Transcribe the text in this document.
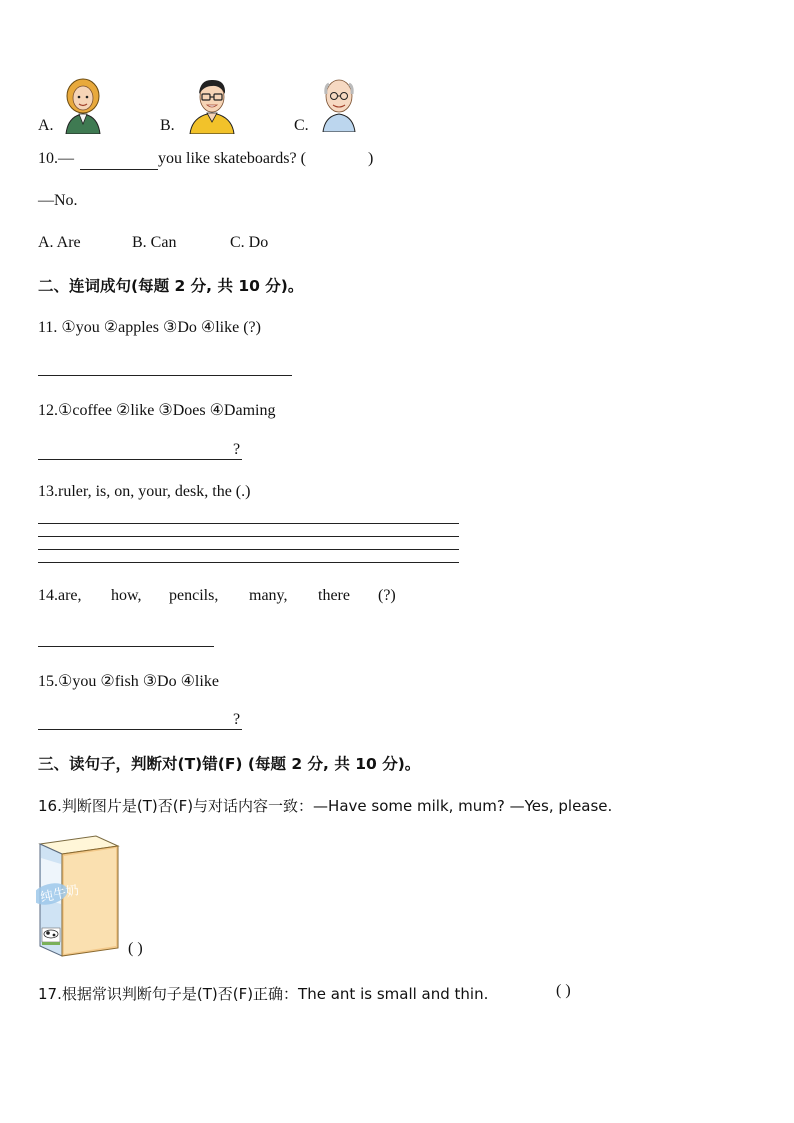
A.	B.	C.
10.—	you like skateboards? (	)
—No.
A. Are	B. Can	C. Do
二、连词成句(每题 2 分, 共 10 分)。
11. ①you ②apples ③Do ④like (?)
12.①coffee ②like ③Does ④Daming
?
13.ruler, is, on, your, desk, the (.)
14.are, how, pencils, many, there (?)
15.①you ②fish ③Do ④like
?
三、读句子，判断对(T)错(F) (每题 2 分, 共 10 分)。
16.判断图片是(T)否(F)与对话内容一致：—Have some milk, mum? —Yes, please.
纯牛奶
( )
17.根据常识判断句子是(T)否(F)正确：The ant is small and thin.	( )
